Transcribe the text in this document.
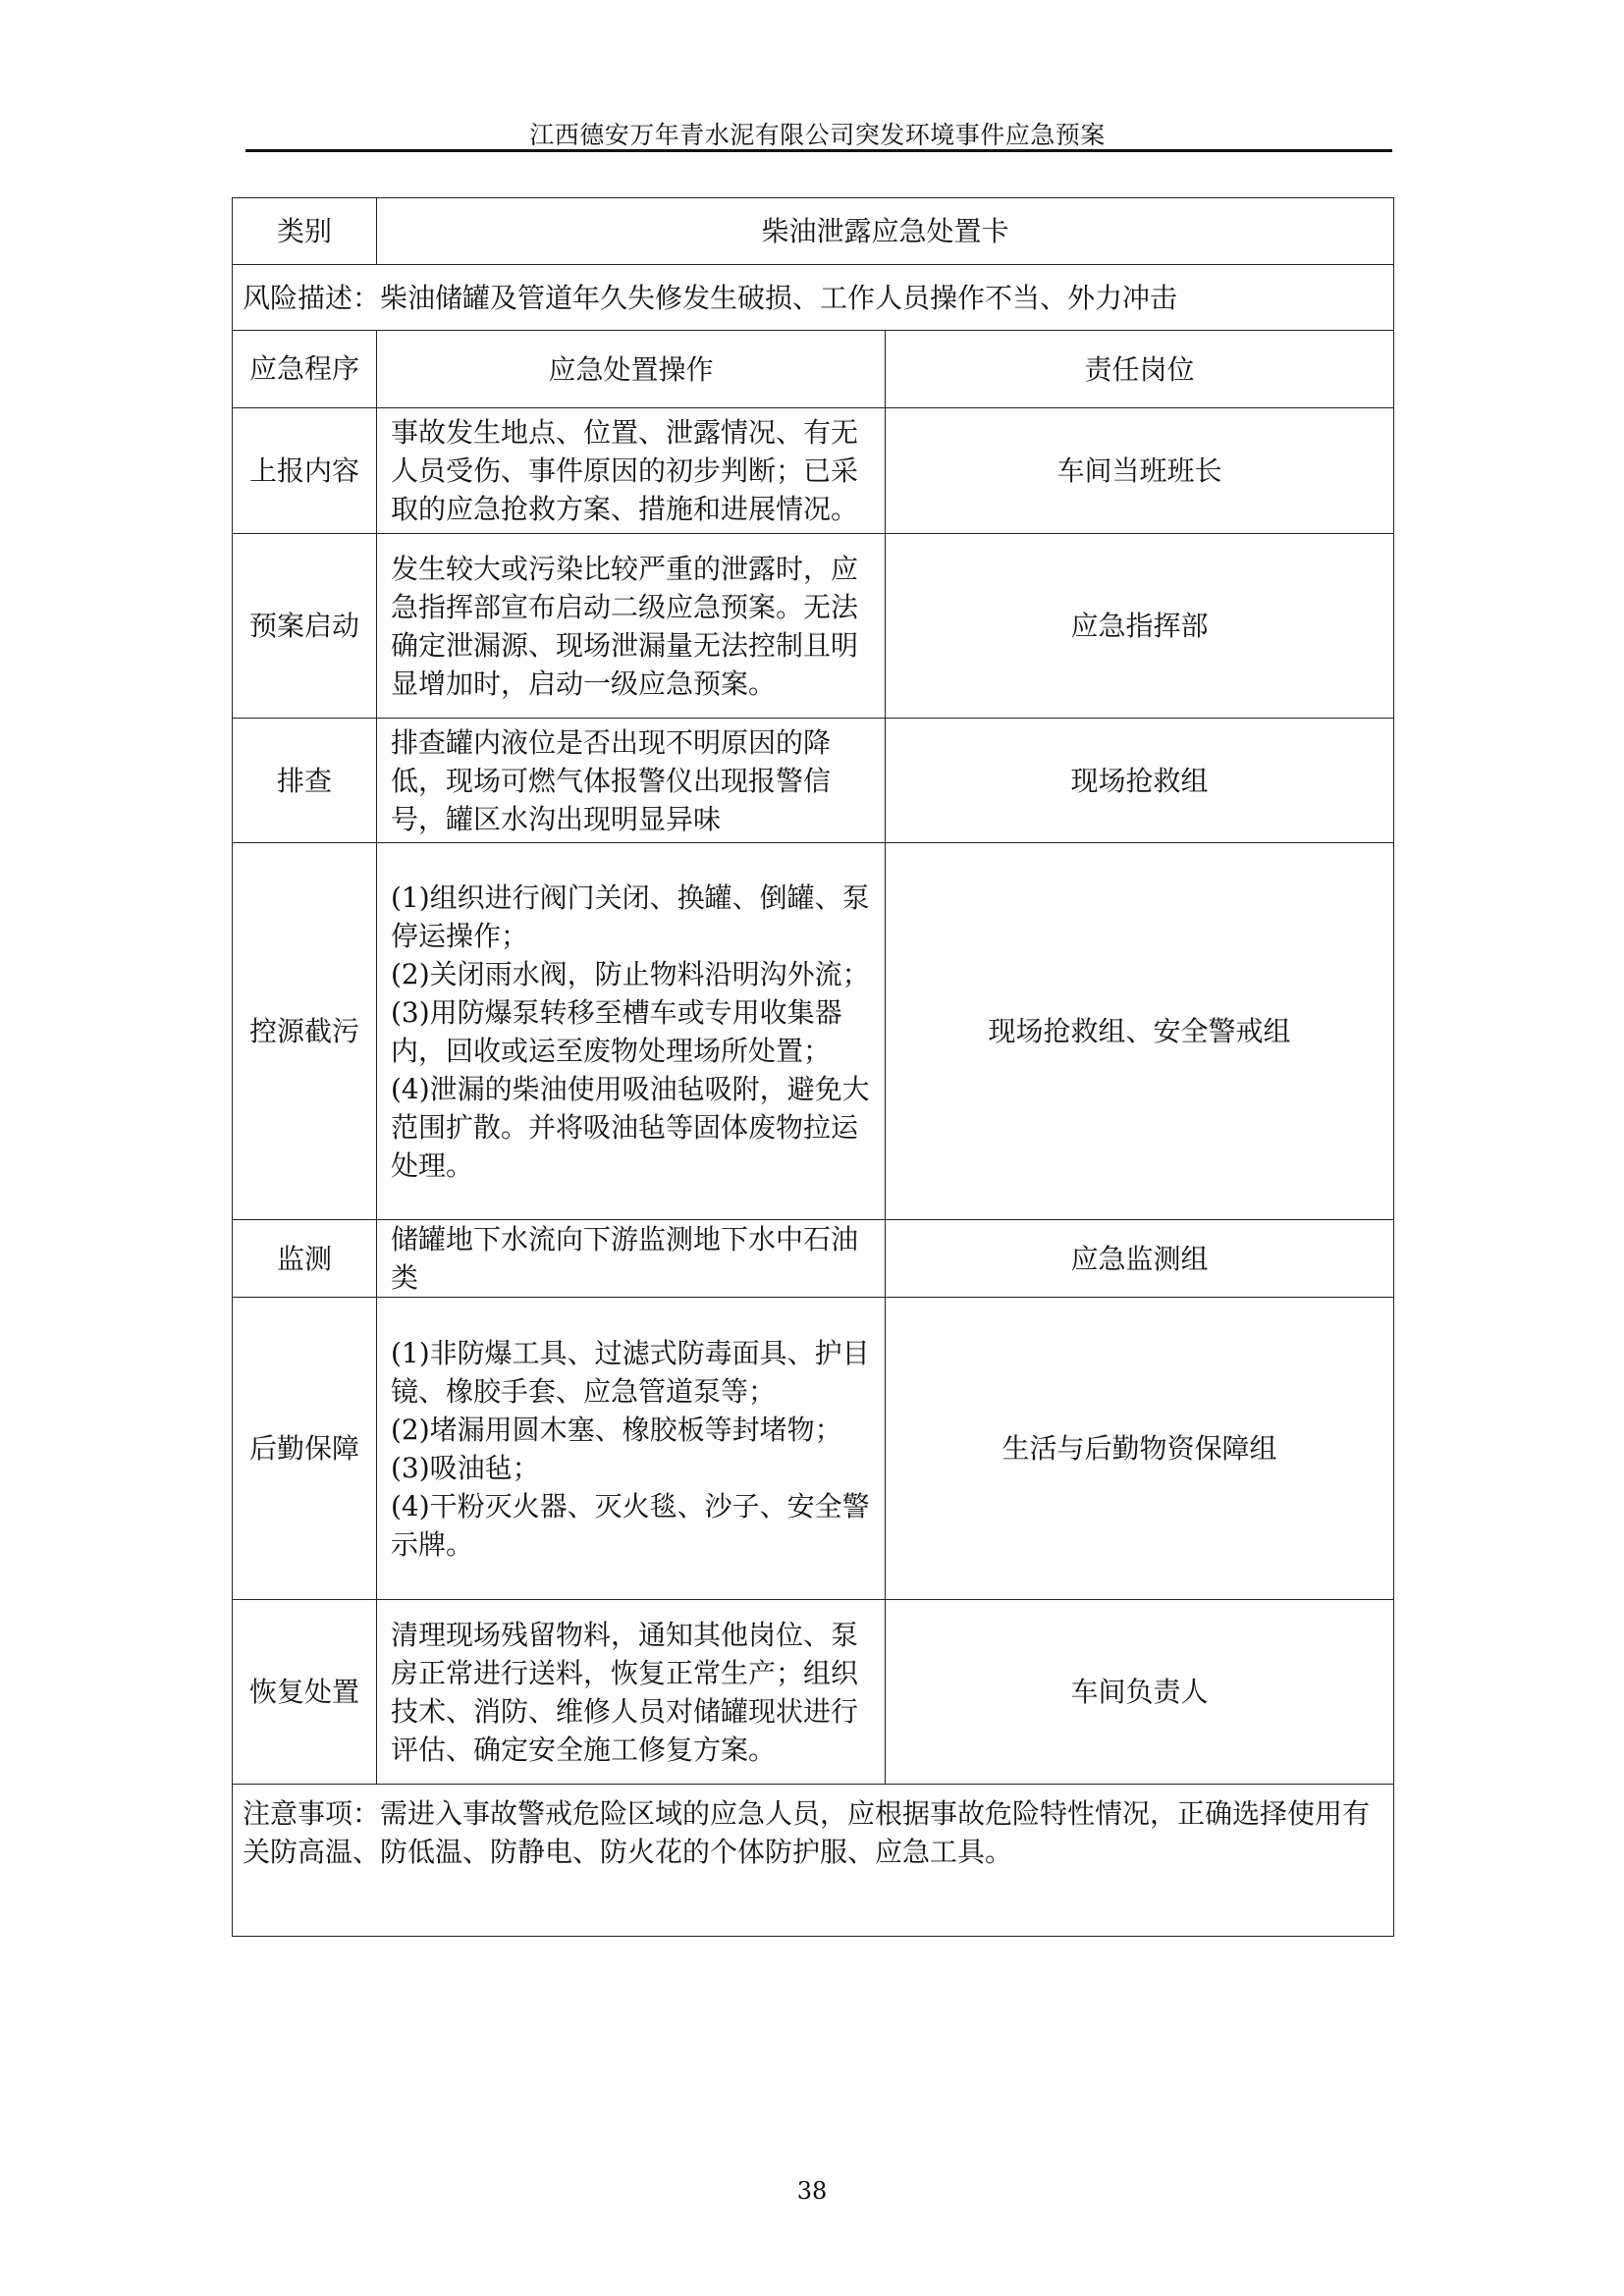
江西德安万年青水泥有限公司突发环境事件应急预案
类别	柴油泄露应急处置卡	
风险描述：柴油储罐及管道年久失修发生破损、工作人员操作不当、外力冲击		
应急程序	应急处置操作	责任岗位
上报内容	事故发生地点、位置、泄露情况、有无人员受伤、事件原因的初步判断；已采取的应急抢救方案、措施和进展情况。	车间当班班长
预案启动	发生较大或污染比较严重的泄露时，应急指挥部宣布启动二级应急预案。无法确定泄漏源、现场泄漏量无法控制且明显增加时，启动一级应急预案。	应急指挥部
排查	排查罐内液位是否出现不明原因的降低，现场可燃气体报警仪出现报警信号，罐区水沟出现明显异味	现场抢救组
控源截污	(1)组织进行阀门关闭、换罐、倒罐、泵停运操作；
(2)关闭雨水阀，防止物料沿明沟外流；
(3)用防爆泵转移至槽车或专用收集器内，回收或运至废物处理场所处置；
(4)泄漏的柴油使用吸油毡吸附，避免大范围扩散。并将吸油毡等固体废物拉运处理。	现场抢救组、安全警戒组
监测	储罐地下水流向下游监测地下水中石油类	应急监测组
后勤保障	(1)非防爆工具、过滤式防毒面具、护目镜、橡胶手套、应急管道泵等；
(2)堵漏用圆木塞、橡胶板等封堵物；
(3)吸油毡；
(4)干粉灭火器、灭火毯、沙子、安全警示牌。	生活与后勤物资保障组
恢复处置	清理现场残留物料，通知其他岗位、泵房正常进行送料，恢复正常生产；组织技术、消防、维修人员对储罐现状进行评估、确定安全施工修复方案。	车间负责人
注意事项：需进入事故警戒危险区域的应急人员，应根据事故危险特性情况，正确选择使用有关防高温、防低温、防静电、防火花的个体防护服、应急工具。		
38
